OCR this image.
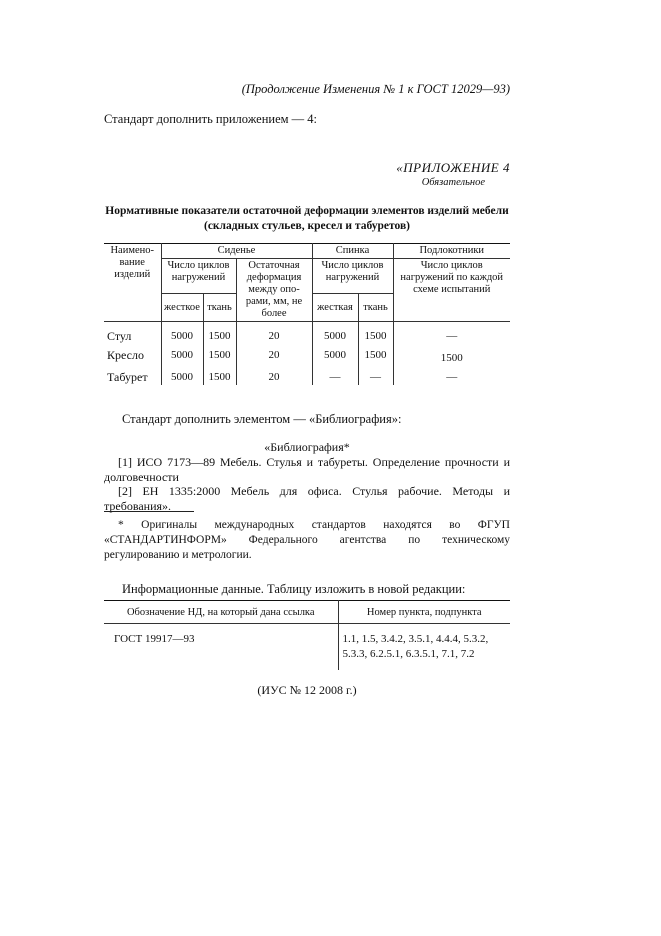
(Продолжение Изменения № 1 к ГОСТ 12029—93)
Стандарт дополнить приложением — 4:
«ПРИЛОЖЕНИЕ 4
Обязательное
Нормативные показатели остаточной деформации элементов изделий мебели (складных стульев, кресел и табуретов)
Наимено-вание изделий	Сиденье			Спинка		Подлокотники
	Число циклов нагружений		Остаточная деформация между опо-рами, мм, не более	Число циклов нагружений		Число циклов нагружений по каждой схеме испытаний
	жесткое	ткань		жесткая	ткань	
Стул	5000	1500	20	5000	1500	—
Кресло	5000	1500	20	5000	1500	1500
Табурет	5000	1500	20	—	—	—
Стандарт дополнить элементом — «Библиография»:
«Библиография*
[1] ИСО 7173—89 Мебель. Стулья и табуреты. Определение прочности и долговечности
[2] ЕН 1335:2000 Мебель для офиса. Стулья рабочие. Методы и требования».
* Оригиналы международных стандартов находятся во ФГУП «СТАНДАРТИНФОРМ» Федерального агентства по техническому регулированию и метрологии.
Информационные данные. Таблицу изложить в новой редакции:
Обозначение НД, на который дана ссылка	Номер пункта, подпункта
ГОСТ 19917—93	1.1, 1.5, 3.4.2, 3.5.1, 4.4.4, 5.3.2, 5.3.3, 6.2.5.1, 6.3.5.1, 7.1, 7.2
(ИУС № 12 2008 г.)
